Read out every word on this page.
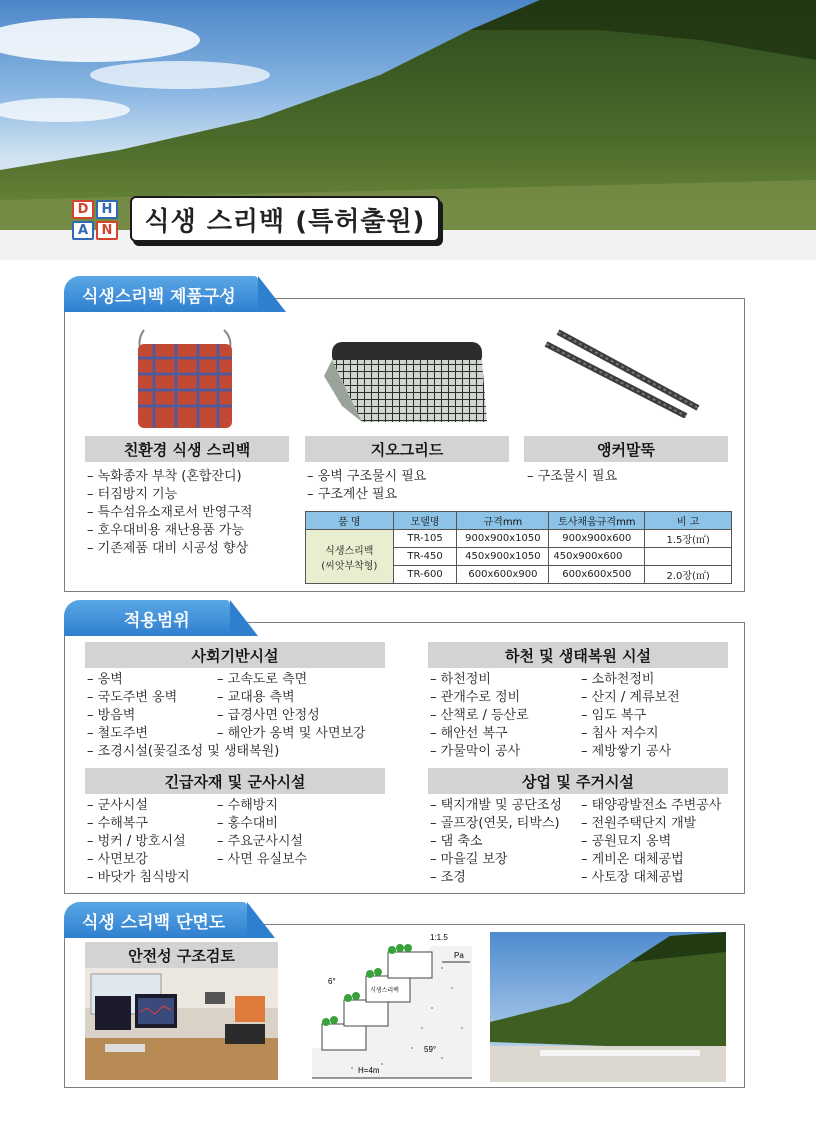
D	H
A	N	식생 스리백 (특허출원)
식생스리백 제품구성
친환경 식생 스리백	지오그리드	앵커말뚝
– 녹화종자 부착 (혼합잔디)
– 터짐방지 기능
– 특수섬유소재로서 반영구적
– 호우대비용 재난용품 가능
– 기존제품 대비 시공성 향상
– 옹벽 구조물시 필요
– 구조계산 필요
– 구조물시 필요
품 명	모델명	규격mm	토사채움규격mm	비 고

식생스리백
(씨앗부착형)	TR-105	900x900x1050	900x900x600	1.5장(㎡)
	TR-450	450x900x1050	450x900x600	
	TR-600	600x600x900	600x600x500	2.0장(㎡)
적용범위
사회기반시설	하천 및 생태복원 시설
– 옹벽
– 국도주변 옹벽
– 방음벽
– 철도주변
– 조경시설(꽃길조성 및 생태복원)
– 고속도로 측면
– 교대용 측벽
– 급경사면 안정성
– 해안가 옹벽 및 사면보강
– 하천정비
– 관개수로 정비
– 산책로 / 등산로
– 해안선 복구
– 가물막이 공사
– 소하천정비
– 산지 / 계류보전
– 임도 복구
– 침사 저수지
– 제방쌓기 공사
긴급자재 및 군사시설	상업 및 주거시설
– 군사시설
– 수해복구
– 벙커 / 방호시설
– 사면보강
– 바닷가 침식방지
– 수해방지
– 홍수대비
– 주요군사시설
– 사면 유실보수
– 택지개발 및 공단조성
– 골프장(연못, 티박스)
– 댐 축소
– 마을길 보장
– 조경
– 태양광발전소 주변공사
– 전원주택단지 개발
– 공원묘지 옹벽
– 게비온 대체공법
– 사토장 대체공법
식생 스리백 단면도
안전성 구조검토
1:1.5
Pa
6°
59°
H=4m
식생스리백
